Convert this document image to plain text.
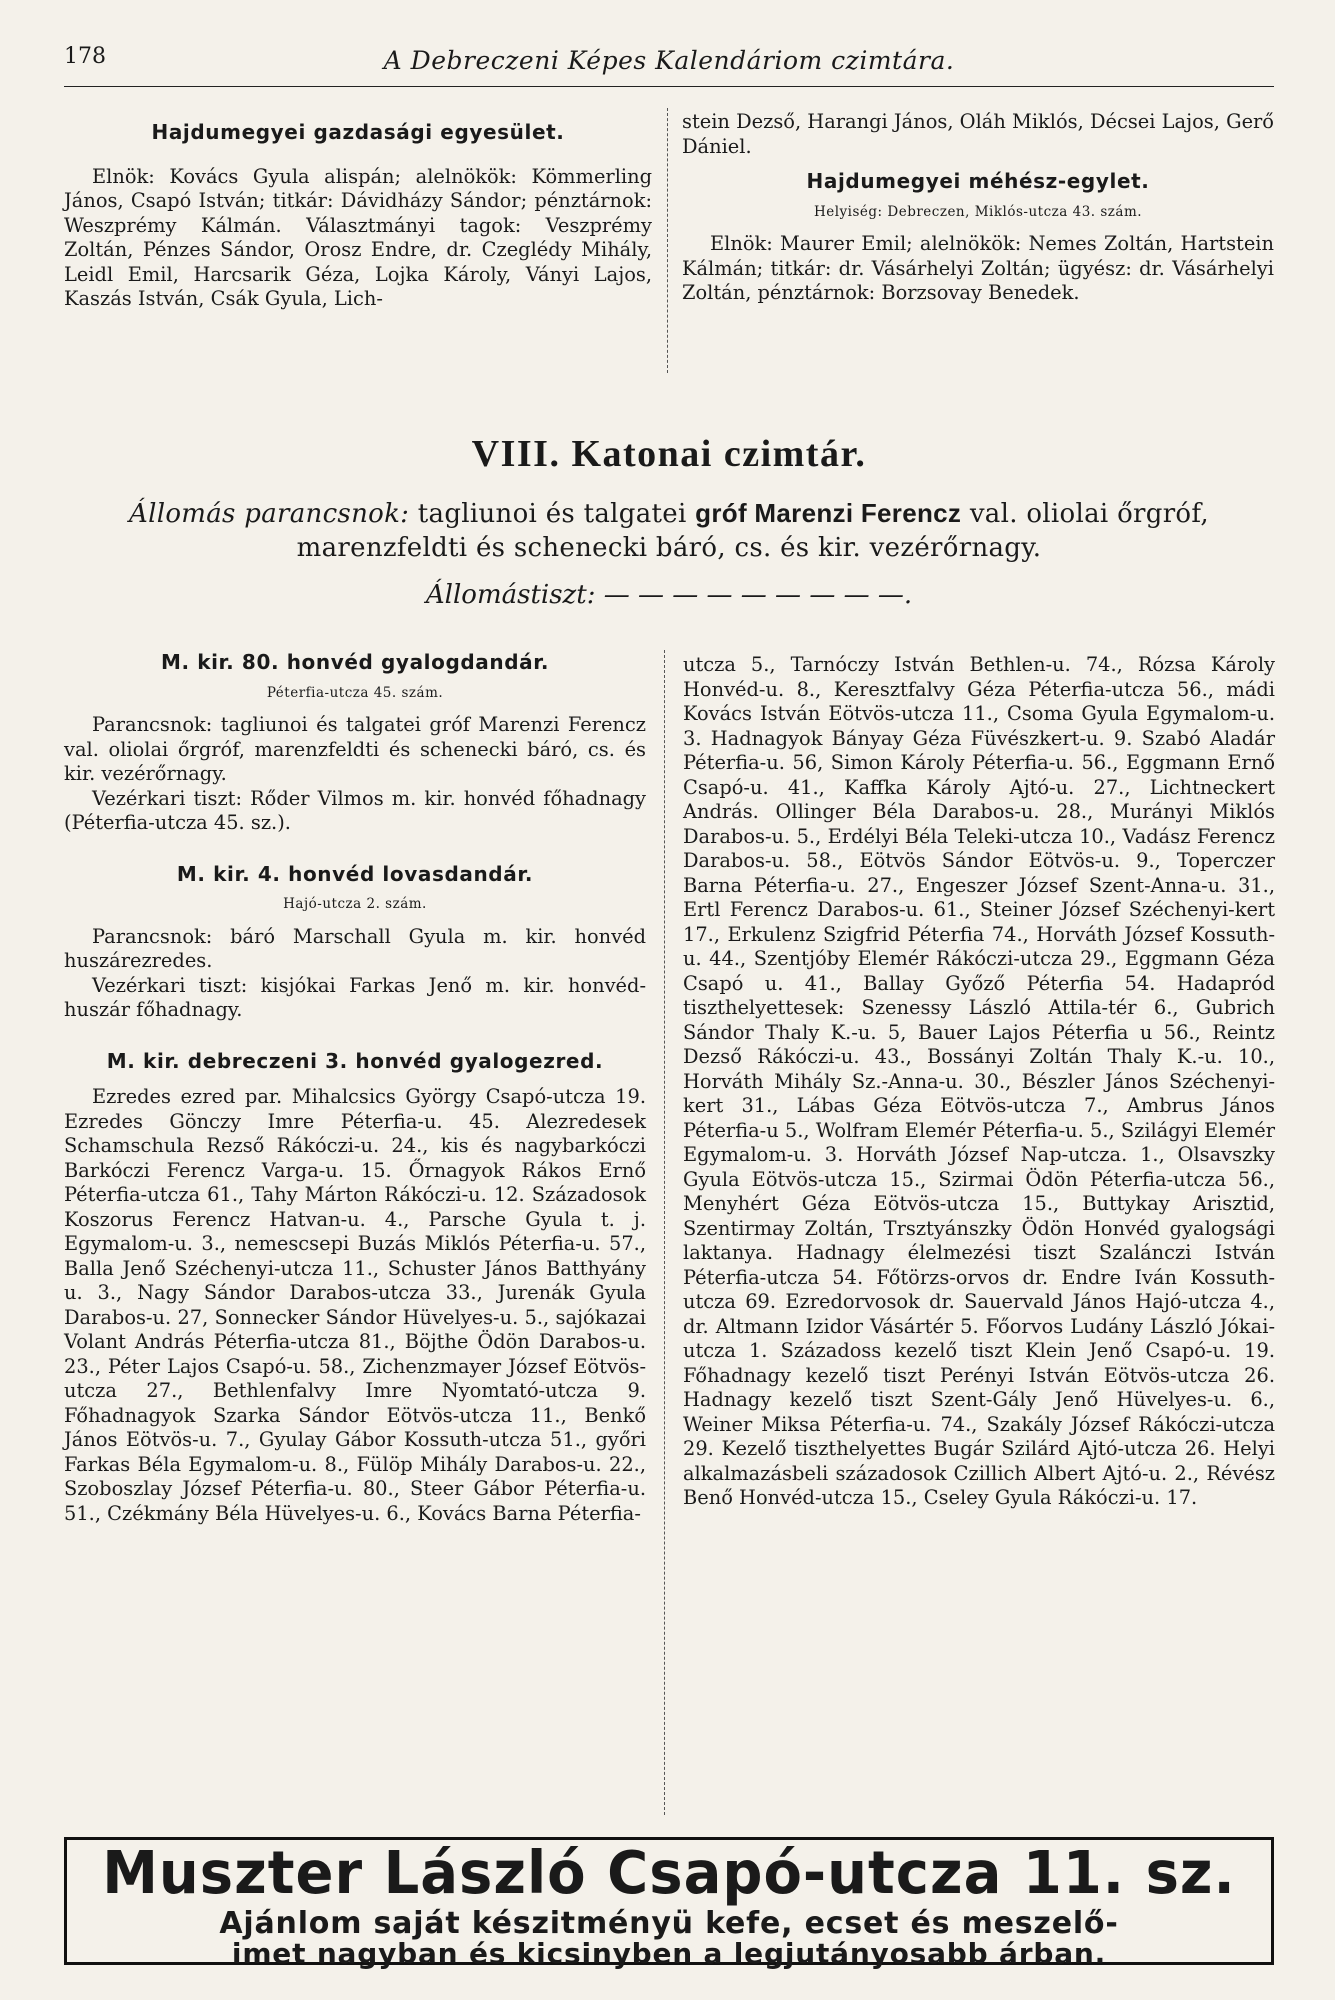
178	A Debreczeni Képes Kalendáriom czimtára.
Hajdumegyei gazdasági egyesület.

Elnök: Kovács Gyula alispán; alelnökök: Kömmerling János, Csapó István; titkár: Dávidházy Sándor; pénztárnok: Weszprémy Kálmán. Választmányi tagok: Veszprémy Zoltán, Pénzes Sándor, Orosz Endre, dr. Czeglédy Mihály, Leidl Emil, Harcsarik Géza, Lojka Károly, Ványi Lajos, Kaszás István, Csák Gyula, Lich-

stein Dezső, Harangi János, Oláh Miklós, Décsei Lajos, Gerő Dániel.

Hajdumegyei méhész-egylet.
Helyiség: Debreczen, Miklós-utcza 43. szám.

Elnök: Maurer Emil; alelnökök: Nemes Zoltán, Hartstein Kálmán; titkár: dr. Vásárhelyi Zoltán; ügyész: dr. Vásárhelyi Zoltán, pénztárnok: Borzsovay Benedek.

VIII. Katonai czimtár.
Állomás parancsnok: tagliunoi és talgatei gróf Marenzi Ferencz val. oliolai őrgróf, marenzfeldti és schenecki báró, cs. és kir. vezérőrnagy.
Állomástiszt: — — — — — — — — —.
M. kir. 80. honvéd gyalogdandár.
Péterfia-utcza 45. szám.

Parancsnok: tagliunoi és talgatei gróf Marenzi Ferencz val. oliolai őrgróf, marenzfeldti és schenecki báró, cs. és kir. vezérőrnagy.

Vezérkari tiszt: Rőder Vilmos m. kir. honvéd főhadnagy (Péterfia-utcza 45. sz.).

M. kir. 4. honvéd lovasdandár.
Hajó-utcza 2. szám.

Parancsnok: báró Marschall Gyula m. kir. honvéd huszárezredes.

Vezérkari tiszt: kisjókai Farkas Jenő m. kir. honvéd-huszár főhadnagy.

M. kir. debreczeni 3. honvéd gyalogezred.

Ezredes ezred par. Mihalcsics György Csapó-utcza 19. Ezredes Gönczy Imre Péterfia-u. 45. Alezredesek Schamschula Rezső Rákóczi-u. 24., kis és nagybarkóczi Barkóczi Ferencz Varga-u. 15. Őrnagyok Rákos Ernő Péterfia-utcza 61., Tahy Márton Rákóczi-u. 12. Századosok Koszorus Ferencz Hatvan-u. 4., Parsche Gyula t. j. Egymalom-u. 3., nemescsepi Buzás Miklós Péterfia-u. 57., Balla Jenő Széchenyi-utcza 11., Schuster János Batthyány u. 3., Nagy Sándor Darabos-utcza 33., Jurenák Gyula Darabos-u. 27, Sonnecker Sándor Hüvelyes-u. 5., sajókazai Volant András Péterfia-utcza 81., Böjthe Ödön Darabos-u. 23., Péter Lajos Csapó-u. 58., Zichenzmayer József Eötvös-utcza 27., Bethlenfalvy Imre Nyomtató-utcza 9. Főhadnagyok Szarka Sándor Eötvös-utcza 11., Benkő János Eötvös-u. 7., Gyulay Gábor Kossuth-utcza 51., győri Farkas Béla Egymalom-u. 8., Fülöp Mihály Darabos-u. 22., Szoboszlay József Péterfia-u. 80., Steer Gábor Péterfia-u. 51., Czékmány Béla Hüvelyes-u. 6., Kovács Barna Péterfia-

utcza 5., Tarnóczy István Bethlen-u. 74., Rózsa Károly Honvéd-u. 8., Keresztfalvy Géza Péterfia-utcza 56., mádi Kovács István Eötvös-utcza 11., Csoma Gyula Egymalom-u. 3. Hadnagyok Bányay Géza Füvészkert-u. 9. Szabó Aladár Péterfia-u. 56, Simon Károly Péterfia-u. 56., Eggmann Ernő Csapó-u. 41., Kaffka Károly Ajtó-u. 27., Lichtneckert András. Ollinger Béla Darabos-u. 28., Murányi Miklós Darabos-u. 5., Erdélyi Béla Teleki-utcza 10., Vadász Ferencz Darabos-u. 58., Eötvös Sándor Eötvös-u. 9., Toperczer Barna Péterfia-u. 27., Engeszer József Szent-Anna-u. 31., Ertl Ferencz Darabos-u. 61., Steiner József Széchenyi-kert 17., Erkulenz Szigfrid Péterfia 74., Horváth József Kossuth-u. 44., Szentjóby Elemér Rákóczi-utcza 29., Eggmann Géza Csapó u. 41., Ballay Győző Péterfia 54. Hadapród tiszthelyettesek: Szenessy László Attila-tér 6., Gubrich Sándor Thaly K.-u. 5, Bauer Lajos Péterfia u 56., Reintz Dezső Rákóczi-u. 43., Bossányi Zoltán Thaly K.-u. 10., Horváth Mihály Sz.-Anna-u. 30., Bészler János Széchenyi-kert 31., Lábas Géza Eötvös-utcza 7., Ambrus János Péterfia-u 5., Wolfram Elemér Péterfia-u. 5., Szilágyi Elemér Egymalom-u. 3. Horváth József Nap-utcza. 1., Olsavszky Gyula Eötvös-utcza 15., Szirmai Ödön Péterfia-utcza 56., Menyhért Géza Eötvös-utcza 15., Buttykay Arisztid, Szentirmay Zoltán, Trsztyánszky Ödön Honvéd gyalogsági laktanya. Hadnagy élelmezési tiszt Szalánczi István Péterfia-utcza 54. Főtörzs-orvos dr. Endre Iván Kossuth-utcza 69. Ezredorvosok dr. Sauervald János Hajó-utcza 4., dr. Altmann Izidor Vásártér 5. Főorvos Ludány László Jókai-utcza 1. Századoss kezelő tiszt Klein Jenő Csapó-u. 19. Főhadnagy kezelő tiszt Perényi István Eötvös-utcza 26. Hadnagy kezelő tiszt Szent-Gály Jenő Hüvelyes-u. 6., Weiner Miksa Péterfia-u. 74., Szakály József Rákóczi-utcza 29. Kezelő tiszthelyettes Bugár Szilárd Ajtó-utcza 26. Helyi alkalmazásbeli századosok Czillich Albert Ajtó-u. 2., Révész Benő Honvéd-utcza 15., Cseley Gyula Rákóczi-u. 17.

Muszter László Csapó-utcza 11. sz.
Ajánlom saját készitményü kefe, ecset és meszelő-
imet nagyban és kicsinyben a legjutányosabb árban.
